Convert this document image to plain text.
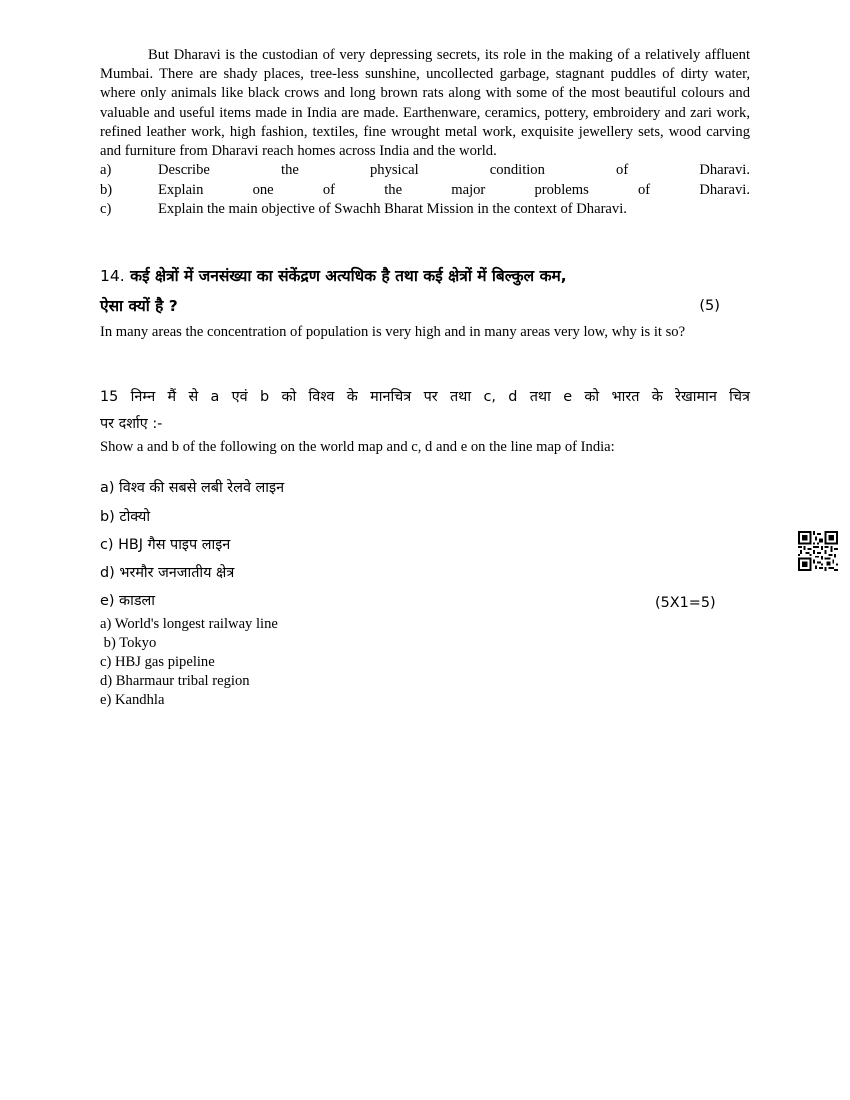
But Dharavi is the custodian of very depressing secrets, its role in the making of a relatively affluent Mumbai. There are shady places, tree-less sunshine, uncollected garbage, stagnant puddles of dirty water, where only animals like black crows and long brown rats along with some of the most beautiful colours and valuable and useful items made in India are made. Earthenware, ceramics, pottery, embroidery and zari work, refined leather work, high fashion, textiles, fine wrought metal work, exquisite jewellery sets, wood carving and furniture from Dharavi reach homes across India and the world.

a)	Describe the physical condition of Dharavi.
b)	Explain one of the major problems of Dharavi.
c)	Explain the main objective of Swachh Bharat Mission in the context of Dharavi.
14. कई क्षेत्रों में जनसंख्या का संकेंद्रण अत्यधिक है तथा कई क्षेत्रों में बिल्कुल कम,
ऐसा क्यों है ?	(5)
In many areas the concentration of population is very high and in many areas very low, why is it so?
15 निम्न मैं से a एवं b को विश्व के मानचित्र पर तथा c, d तथा e को भारत के रेखामान चित्र
पर दर्शाए :-
Show a and b of the following on the world map and c, d and e on the line map of India:
a) विश्व की सबसे लबी रेलवे लाइन
b) टोक्यो
c) HBJ गैस पाइप लाइन
d) भरमौर जनजातीय क्षेत्र
e) काडला	(5X1=5)
a) World's longest railway line
b) Tokyo
c) HBJ gas pipeline
d) Bharmaur tribal region
e) Kandhla
